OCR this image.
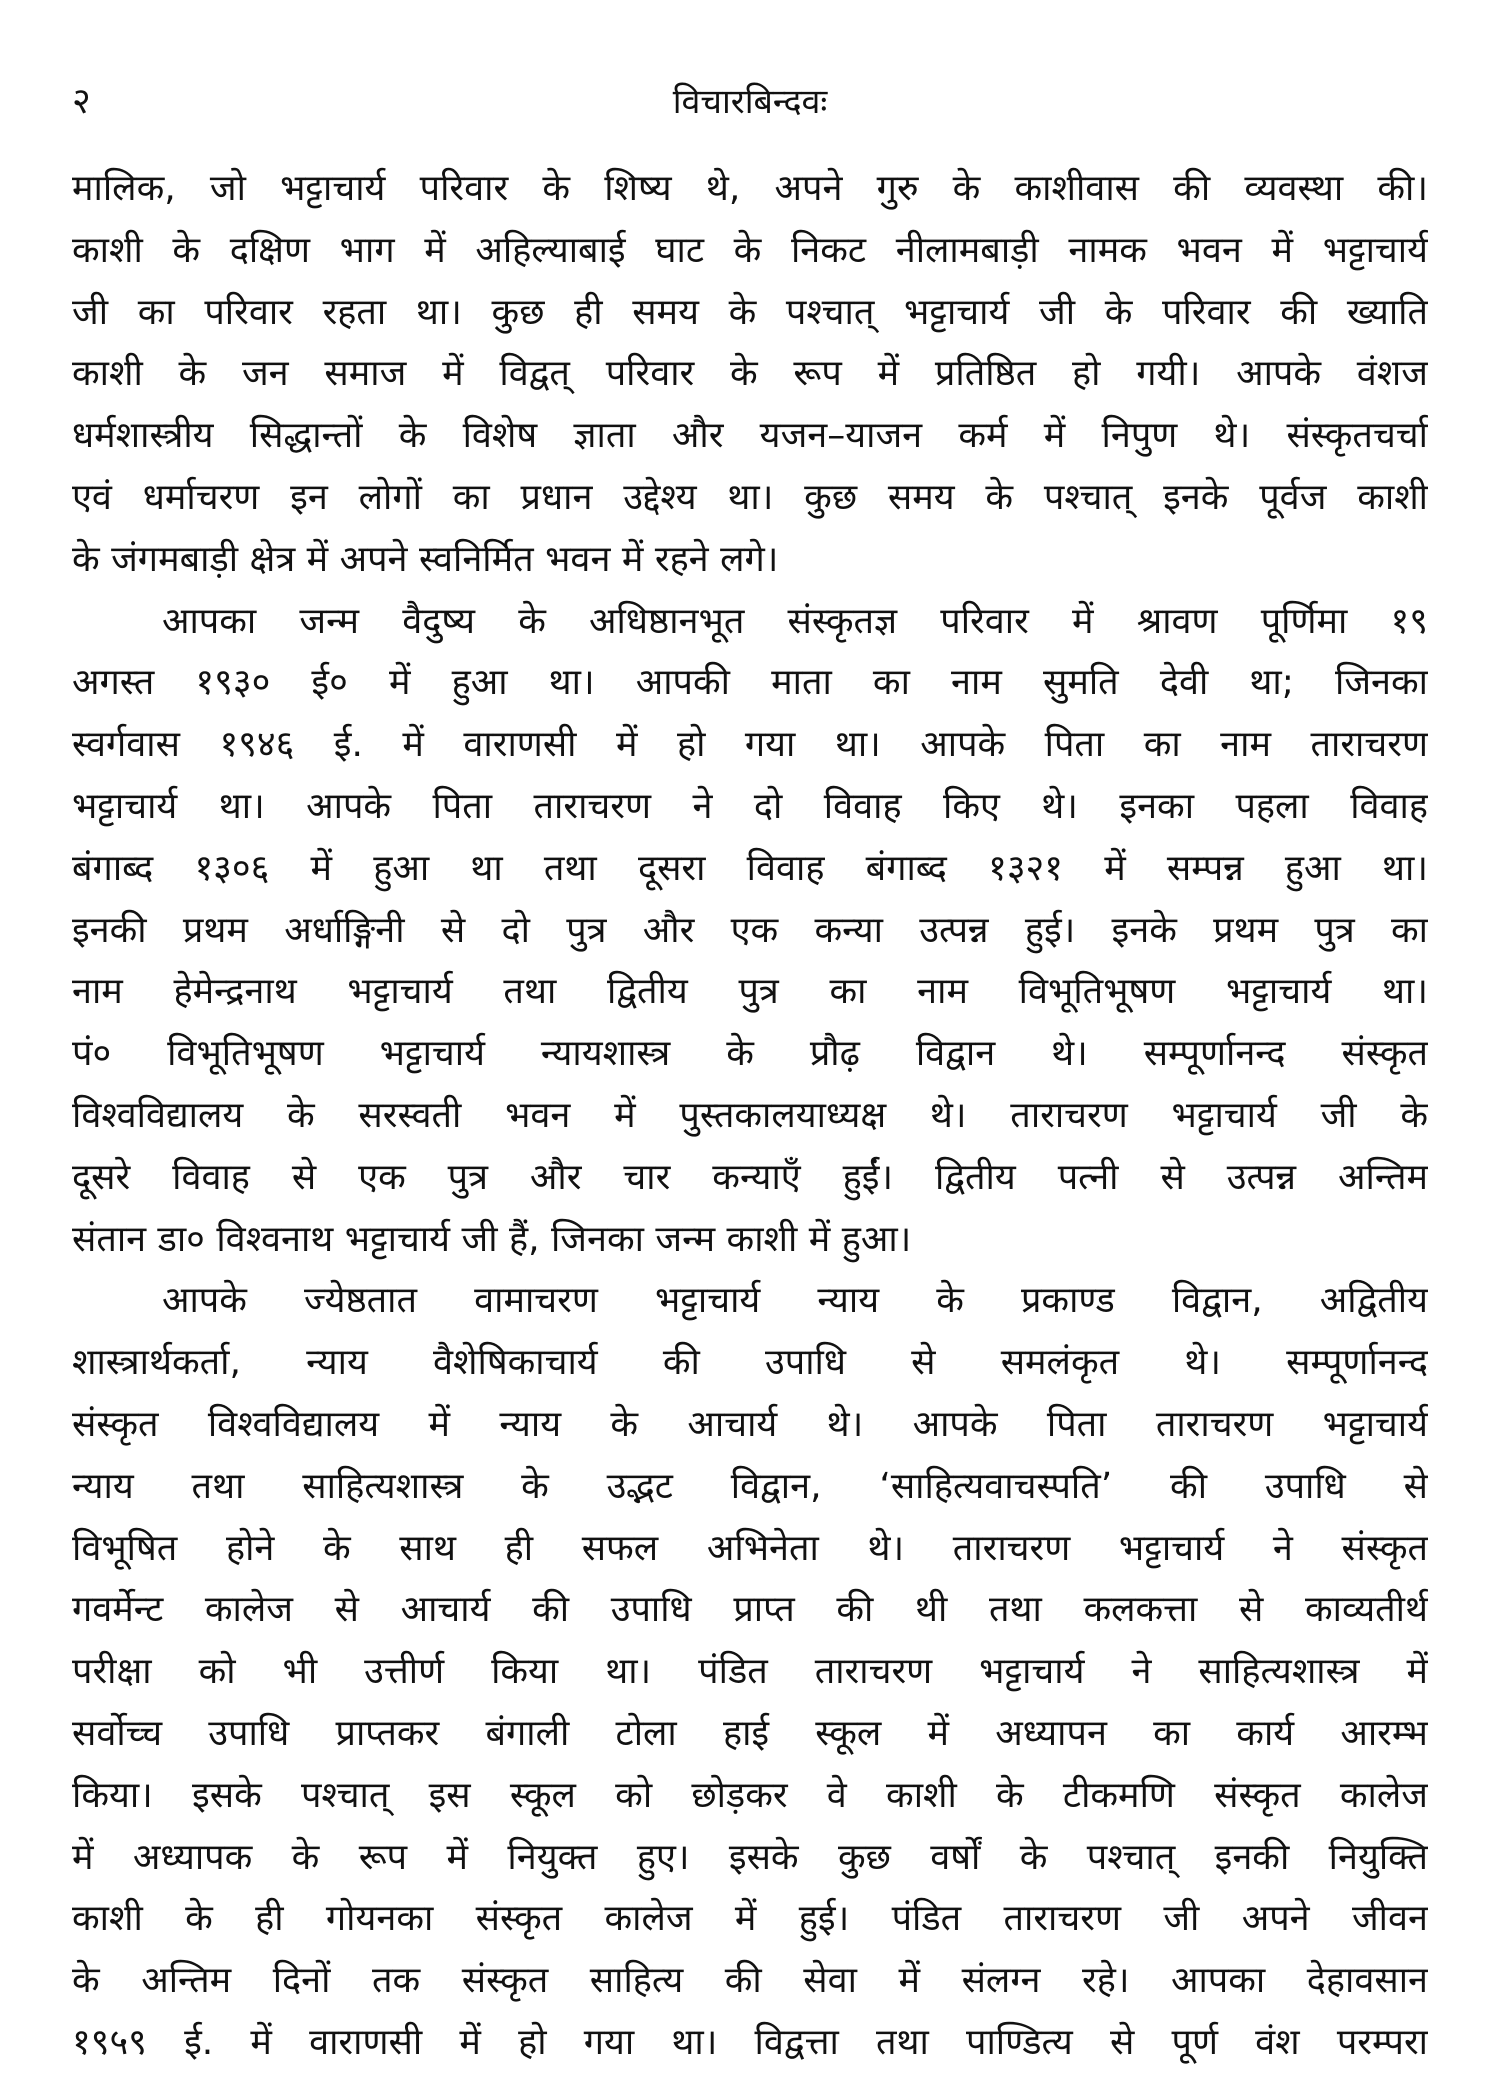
२	विचारबिन्दवः
मालिक, जो भट्टाचार्य परिवार के शिष्य थे, अपने गुरु के काशीवास की व्यवस्था की।
काशी के दक्षिण भाग में अहिल्याबाई घाट के निकट नीलामबाड़ी नामक भवन में भट्टाचार्य
जी का परिवार रहता था। कुछ ही समय के पश्चात् भट्टाचार्य जी के परिवार की ख्याति
काशी के जन समाज में विद्वत् परिवार के रूप में प्रतिष्ठित हो गयी। आपके वंशज
धर्मशास्त्रीय सिद्धान्तों के विशेष ज्ञाता और यजन–याजन कर्म में निपुण थे। संस्कृतचर्चा
एवं धर्माचरण इन लोगों का प्रधान उद्देश्य था। कुछ समय के पश्चात् इनके पूर्वज काशी
के जंगमबाड़ी क्षेत्र में अपने स्वनिर्मित भवन में रहने लगे।
आपका जन्म वैदुष्य के अधिष्ठानभूत संस्कृतज्ञ परिवार में श्रावण पूर्णिमा १९
अगस्त १९३० ई० में हुआ था। आपकी माता का नाम सुमति देवी था; जिनका
स्वर्गवास १९४६ ई. में वाराणसी में हो गया था। आपके पिता का नाम ताराचरण
भट्टाचार्य था। आपके पिता ताराचरण ने दो विवाह किए थे। इनका पहला विवाह
बंगाब्द १३०६ में हुआ था तथा दूसरा विवाह बंगाब्द १३२१ में सम्पन्न हुआ था।
इनकी प्रथम अर्धाङ्गिनी से दो पुत्र और एक कन्या उत्पन्न हुई। इनके प्रथम पुत्र का
नाम हेमेन्द्रनाथ भट्टाचार्य तथा द्वितीय पुत्र का नाम विभूतिभूषण भट्टाचार्य था।
पं० विभूतिभूषण भट्टाचार्य न्यायशास्त्र के प्रौढ़ विद्वान थे। सम्पूर्णानन्द संस्कृत
विश्वविद्यालय के सरस्वती भवन में पुस्तकालयाध्यक्ष थे। ताराचरण भट्टाचार्य जी के
दूसरे विवाह से एक पुत्र और चार कन्याएँ हुईं। द्वितीय पत्नी से उत्पन्न अन्तिम
संतान डा० विश्वनाथ भट्टाचार्य जी हैं, जिनका जन्म काशी में हुआ।
आपके ज्येष्ठतात वामाचरण भट्टाचार्य न्याय के प्रकाण्ड विद्वान, अद्वितीय
शास्त्रार्थकर्ता, न्याय वैशेषिकाचार्य की उपाधि से समलंकृत थे। सम्पूर्णानन्द
संस्कृत विश्वविद्यालय में न्याय के आचार्य थे। आपके पिता ताराचरण भट्टाचार्य
न्याय तथा साहित्यशास्त्र के उद्भट विद्वान, ‘साहित्यवाचस्पति’ की उपाधि से
विभूषित होने के साथ ही सफल अभिनेता थे। ताराचरण भट्टाचार्य ने संस्कृत
गवर्मेन्ट कालेज से आचार्य की उपाधि प्राप्त की थी तथा कलकत्ता से काव्यतीर्थ
परीक्षा को भी उत्तीर्ण किया था। पंडित ताराचरण भट्टाचार्य ने साहित्यशास्त्र में
सर्वोच्च उपाधि प्राप्तकर बंगाली टोला हाई स्कूल में अध्यापन का कार्य आरम्भ
किया। इसके पश्चात् इस स्कूल को छोड़कर वे काशी के टीकमणि संस्कृत कालेज
में अध्यापक के रूप में नियुक्त हुए। इसके कुछ वर्षों के पश्चात् इनकी नियुक्ति
काशी के ही गोयनका संस्कृत कालेज में हुई। पंडित ताराचरण जी अपने जीवन
के अन्तिम दिनों तक संस्कृत साहित्य की सेवा में संलग्न रहे। आपका देहावसान
१९५९ ई. में वाराणसी में हो गया था। विद्वत्ता तथा पाण्डित्य से पूर्ण वंश परम्परा
